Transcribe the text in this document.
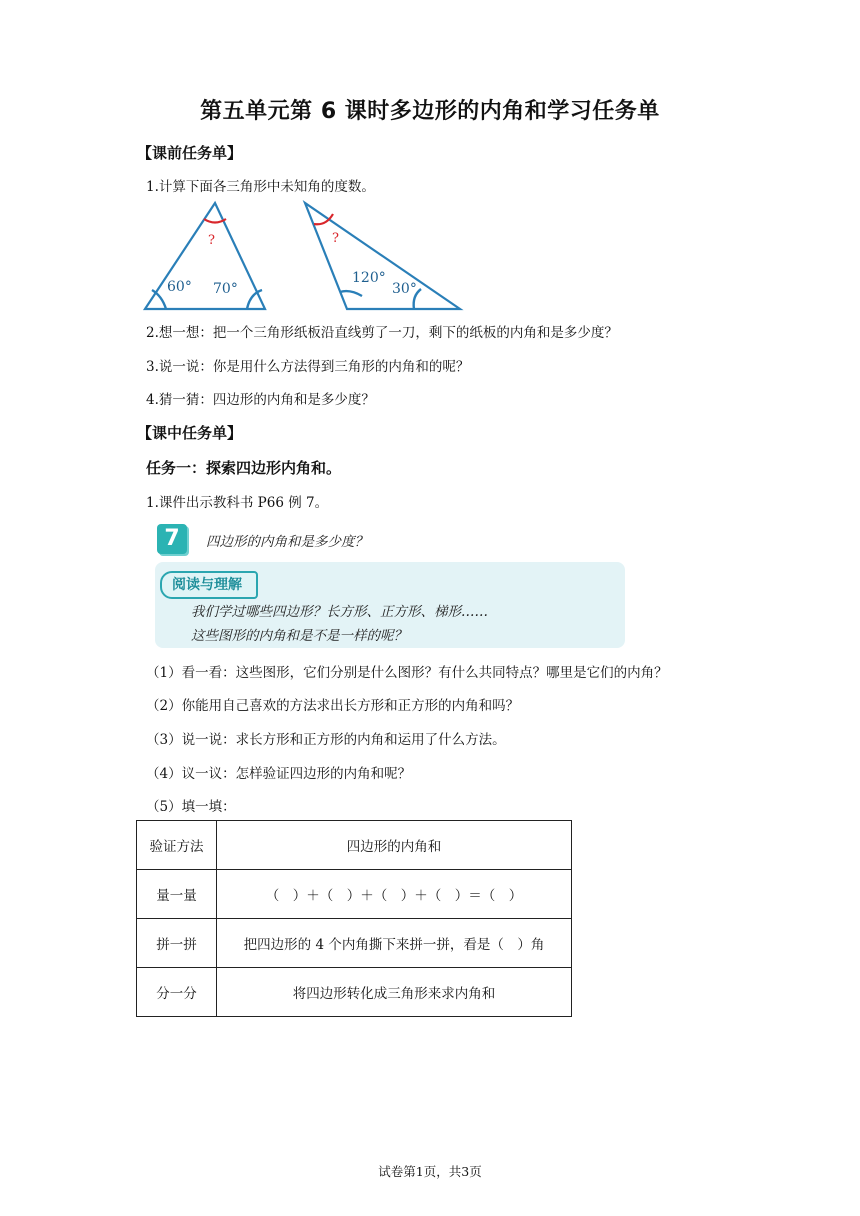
第五单元第 6 课时多边形的内角和学习任务单
【课前任务单】
1.计算下面各三角形中未知角的度数。
?
60° 70°
?
120°
30°
2.想一想：把一个三角形纸板沿直线剪了一刀，剩下的纸板的内角和是多少度？
3.说一说：你是用什么方法得到三角形的内角和的呢？
4.猜一猜：四边形的内角和是多少度？
【课中任务单】
任务一：探索四边形内角和。
1.课件出示教科书 P66 例 7。
7	四边形的内角和是多少度？
阅读与理解
我们学过哪些四边形？长方形、正方形、梯形……
这些图形的内角和是不是一样的呢？
（1）看一看：这些图形，它们分别是什么图形？有什么共同特点？哪里是它们的内角？
（2）你能用自己喜欢的方法求出长方形和正方形的内角和吗？
（3）说一说：求长方形和正方形的内角和运用了什么方法。
（4）议一议：怎样验证四边形的内角和呢？
（5）填一填：
验证方法	四边形的内角和
量一量	（　）＋（　）＋（　）＋（　）＝（　）
拼一拼	把四边形的 4 个内角撕下来拼一拼，看是（　）角
分一分	将四边形转化成三角形来求内角和
试卷第1页，共3页
